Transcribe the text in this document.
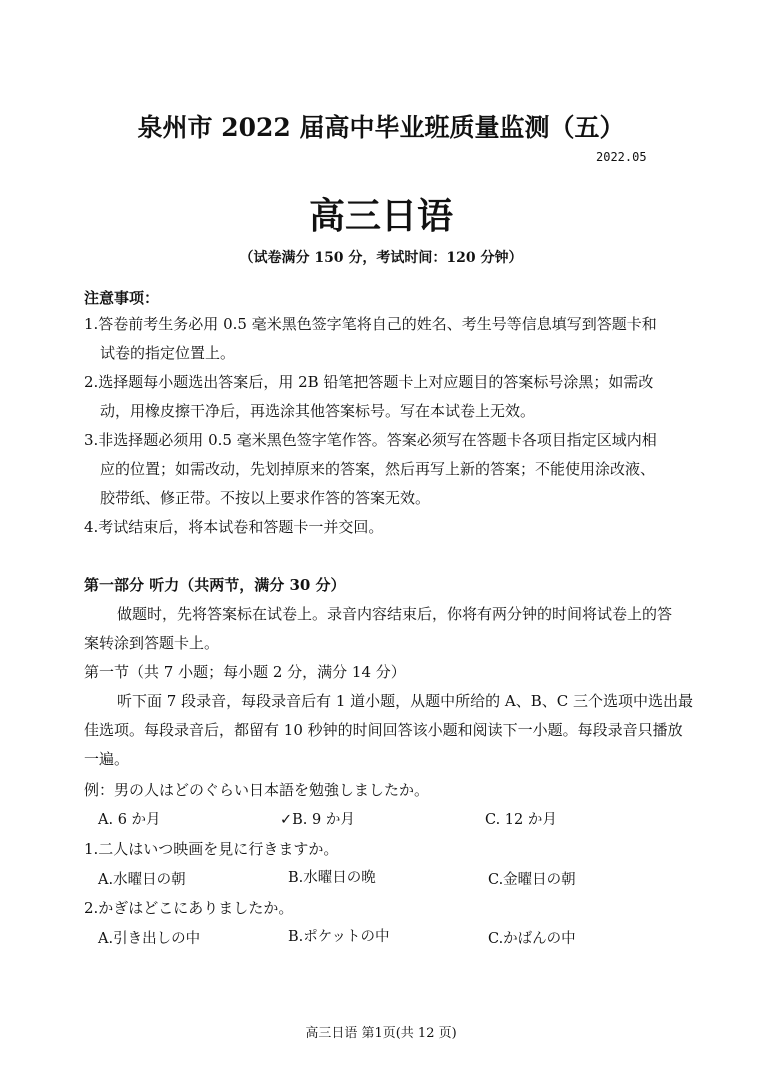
泉州市 2022 届高中毕业班质量监测（五）
2022.05
高三日语
（试卷满分 150 分，考试时间：120 分钟）
注意事项：
1.答卷前考生务必用 0.5 毫米黑色签字笔将自己的姓名、考生号等信息填写到答题卡和
试卷的指定位置上。
2.选择题每小题选出答案后，用 2B 铅笔把答题卡上对应题目的答案标号涂黑；如需改
动，用橡皮擦干净后，再选涂其他答案标号。写在本试卷上无效。
3.非选择题必须用 0.5 毫米黑色签字笔作答。答案必须写在答题卡各项目指定区域内相
应的位置；如需改动，先划掉原来的答案，然后再写上新的答案；不能使用涂改液、
胶带纸、修正带。不按以上要求作答的答案无效。
4.考试结束后，将本试卷和答题卡一并交回。
第一部分 听力（共两节，满分 30 分）
做题时，先将答案标在试卷上。录音内容结束后，你将有两分钟的时间将试卷上的答
案转涂到答题卡上。
第一节（共 7 小题；每小题 2 分，满分 14 分）
听下面 7 段录音，每段录音后有 1 道小题，从题中所给的 A、B、C 三个选项中选出最
佳选项。每段录音后，都留有 10 秒钟的时间回答该小题和阅读下一小题。每段录音只播放
一遍。
例：男の人はどのぐらい日本語を勉強しましたか。
A. 6 か月	✓B. 9 か月	C. 12 か月
1.二人はいつ映画を見に行きますか。
A.水曜日の朝	B.水曜日の晩	C.金曜日の朝
2.かぎはどこにありましたか。
A.引き出しの中	B.ポケットの中	C.かばんの中
高三日语 第1页(共 12 页)
